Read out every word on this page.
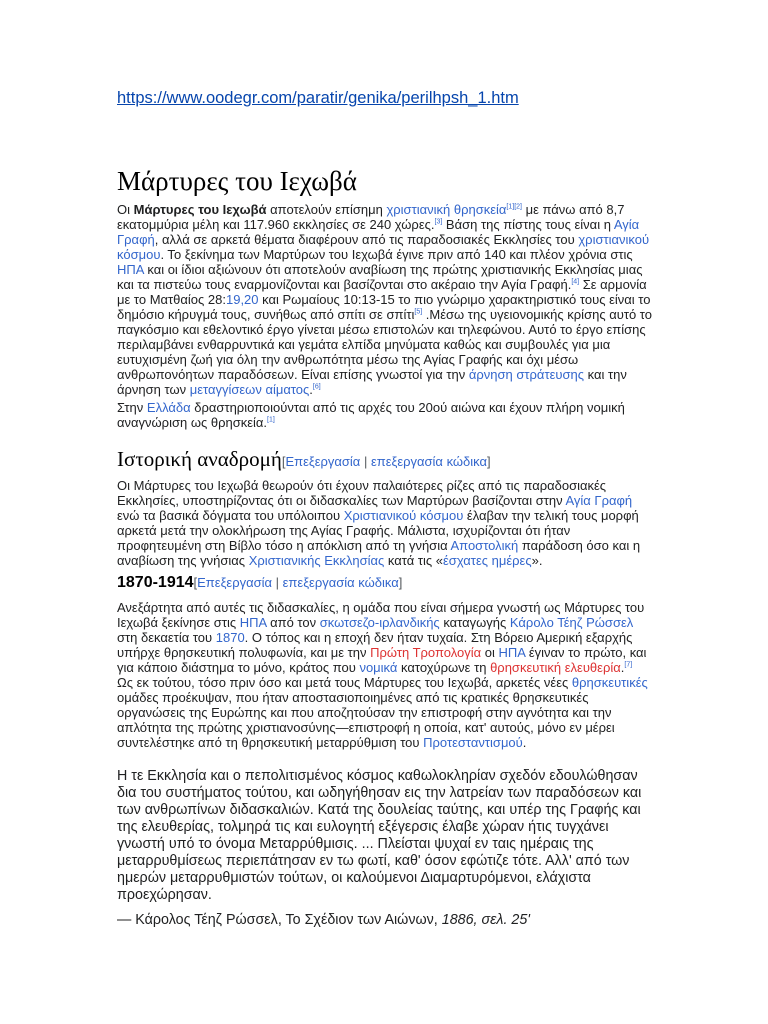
https://www.oodegr.com/paratir/genika/perilhpsh_1.htm
Μάρτυρες του Ιεχωβά

Οι Μάρτυρες του Ιεχωβά αποτελούν επίσημη χριστιανική θρησκεία[1][2] με πάνω από 8,7 εκατομμύρια μέλη και 117.960 εκκλησίες σε 240 χώρες.[3] Βάση της πίστης τους είναι η Αγία Γραφή, αλλά σε αρκετά θέματα διαφέρουν από τις παραδοσιακές Εκκλησίες του χριστιανικού κόσμου. Το ξεκίνημα των Μαρτύρων του Ιεχωβά έγινε πριν από 140 και πλέον χρόνια στις ΗΠΑ και οι ίδιοι αξιώνουν ότι αποτελούν αναβίωση της πρώτης χριστιανικής Εκκλησίας μιας και τα πιστεύω τους εναρμονίζονται και βασίζονται στο ακέραιο την Αγία Γραφή.[4] Σε αρμονία με το Ματθαίος 28:19,20 και Ρωμαίους 10:13-15 το πιο γνώριμο χαρακτηριστικό τους είναι το δημόσιο κήρυγμά τους, συνήθως από σπίτι σε σπίτι[5] .Μέσω της υγειονομικής κρίσης αυτό το παγκόσμιο και εθελοντικό έργο γίνεται μέσω επιστολών και τηλεφώνου. Αυτό το έργο επίσης περιλαμβάνει ενθαρρυντικά και γεμάτα ελπίδα μηνύματα καθώς και συμβουλές για μια ευτυχισμένη ζωή για όλη την ανθρωπότητα μέσω της Αγίας Γραφής και όχι μέσω ανθρωπονόητων παραδόσεων. Είναι επίσης γνωστοί για την άρνηση στράτευσης και την άρνηση των μεταγγίσεων αίματος.[6]

Στην Ελλάδα δραστηριοποιούνται από τις αρχές του 20ού αιώνα και έχουν πλήρη νομική αναγνώριση ως θρησκεία.[1]

Ιστορική αναδρομή[Επεξεργασία | επεξεργασία κώδικα]

Οι Μάρτυρες του Ιεχωβά θεωρούν ότι έχουν παλαιότερες ρίζες από τις παραδοσιακές Εκκλησίες, υποστηρίζοντας ότι οι διδασκαλίες των Μαρτύρων βασίζονται στην Αγία Γραφή ενώ τα βασικά δόγματα του υπόλοιπου Χριστιανικού κόσμου έλαβαν την τελική τους μορφή αρκετά μετά την ολοκλήρωση της Αγίας Γραφής. Μάλιστα, ισχυρίζονται ότι ήταν προφητευμένη στη Βίβλο τόσο η απόκλιση από τη γνήσια Αποστολική παράδοση όσο και η αναβίωση της γνήσιας Χριστιανικής Εκκλησίας κατά τις «έσχατες ημέρες».

1870-1914[Επεξεργασία | επεξεργασία κώδικα]

Ανεξάρτητα από αυτές τις διδασκαλίες, η ομάδα που είναι σήμερα γνωστή ως Μάρτυρες του Ιεχωβά ξεκίνησε στις ΗΠΑ από τον σκωτσεζο-ιρλανδικής καταγωγής Κάρολο Τέηζ Ρώσσελ στη δεκαετία του 1870. Ο τόπος και η εποχή δεν ήταν τυχαία. Στη Βόρειο Αμερική εξαρχής υπήρχε θρησκευτική πολυφωνία, και με την Πρώτη Τροπολογία οι ΗΠΑ έγιναν το πρώτο, και για κάποιο διάστημα το μόνο, κράτος που νομικά κατοχύρωνε τη θρησκευτική ελευθερία.[7] Ως εκ τούτου, τόσο πριν όσο και μετά τους Μάρτυρες του Ιεχωβά, αρκετές νέες θρησκευτικές ομάδες προέκυψαν, που ήταν αποστασιοποιημένες από τις κρατικές θρησκευτικές οργανώσεις της Ευρώπης και που αποζητούσαν την επιστροφή στην αγνότητα και την απλότητα της πρώτης χριστιανοσύνης—επιστροφή η οποία, κατ' αυτούς, μόνο εν μέρει συντελέστηκε από τη θρησκευτική μεταρρύθμιση του Προτεσταντισμού.

Η τε Εκκλησία και ο πεπολιτισμένος κόσμος καθωλοκληρίαν σχεδόν εδουλώθησαν δια του συστήματος τούτου, και ωδηγήθησαν εις την λατρείαν των παραδόσεων και των ανθρωπίνων διδασκαλιών. Κατά της δουλείας ταύτης, και υπέρ της Γραφής και της ελευθερίας, τολμηρά τις και ευλογητή εξέγερσις έλαβε χώραν ήτις τυγχάνει γνωστή υπό το όνομα Μεταρρύθμισις. ... Πλείσται ψυχαί εν ταις ημέραις της μεταρρυθμίσεως περιεπάτησαν εν τω φωτί, καθ' όσον εφώτιζε τότε. Αλλ' από των ημερών μεταρρυθμιστών τούτων, οι καλούμενοι Διαμαρτυρόμενοι, ελάχιστα προεχώρησαν.
— Κάρολος Τέηζ Ρώσσελ, Το Σχέδιον των Αιώνων, 1886, σελ. 25'
